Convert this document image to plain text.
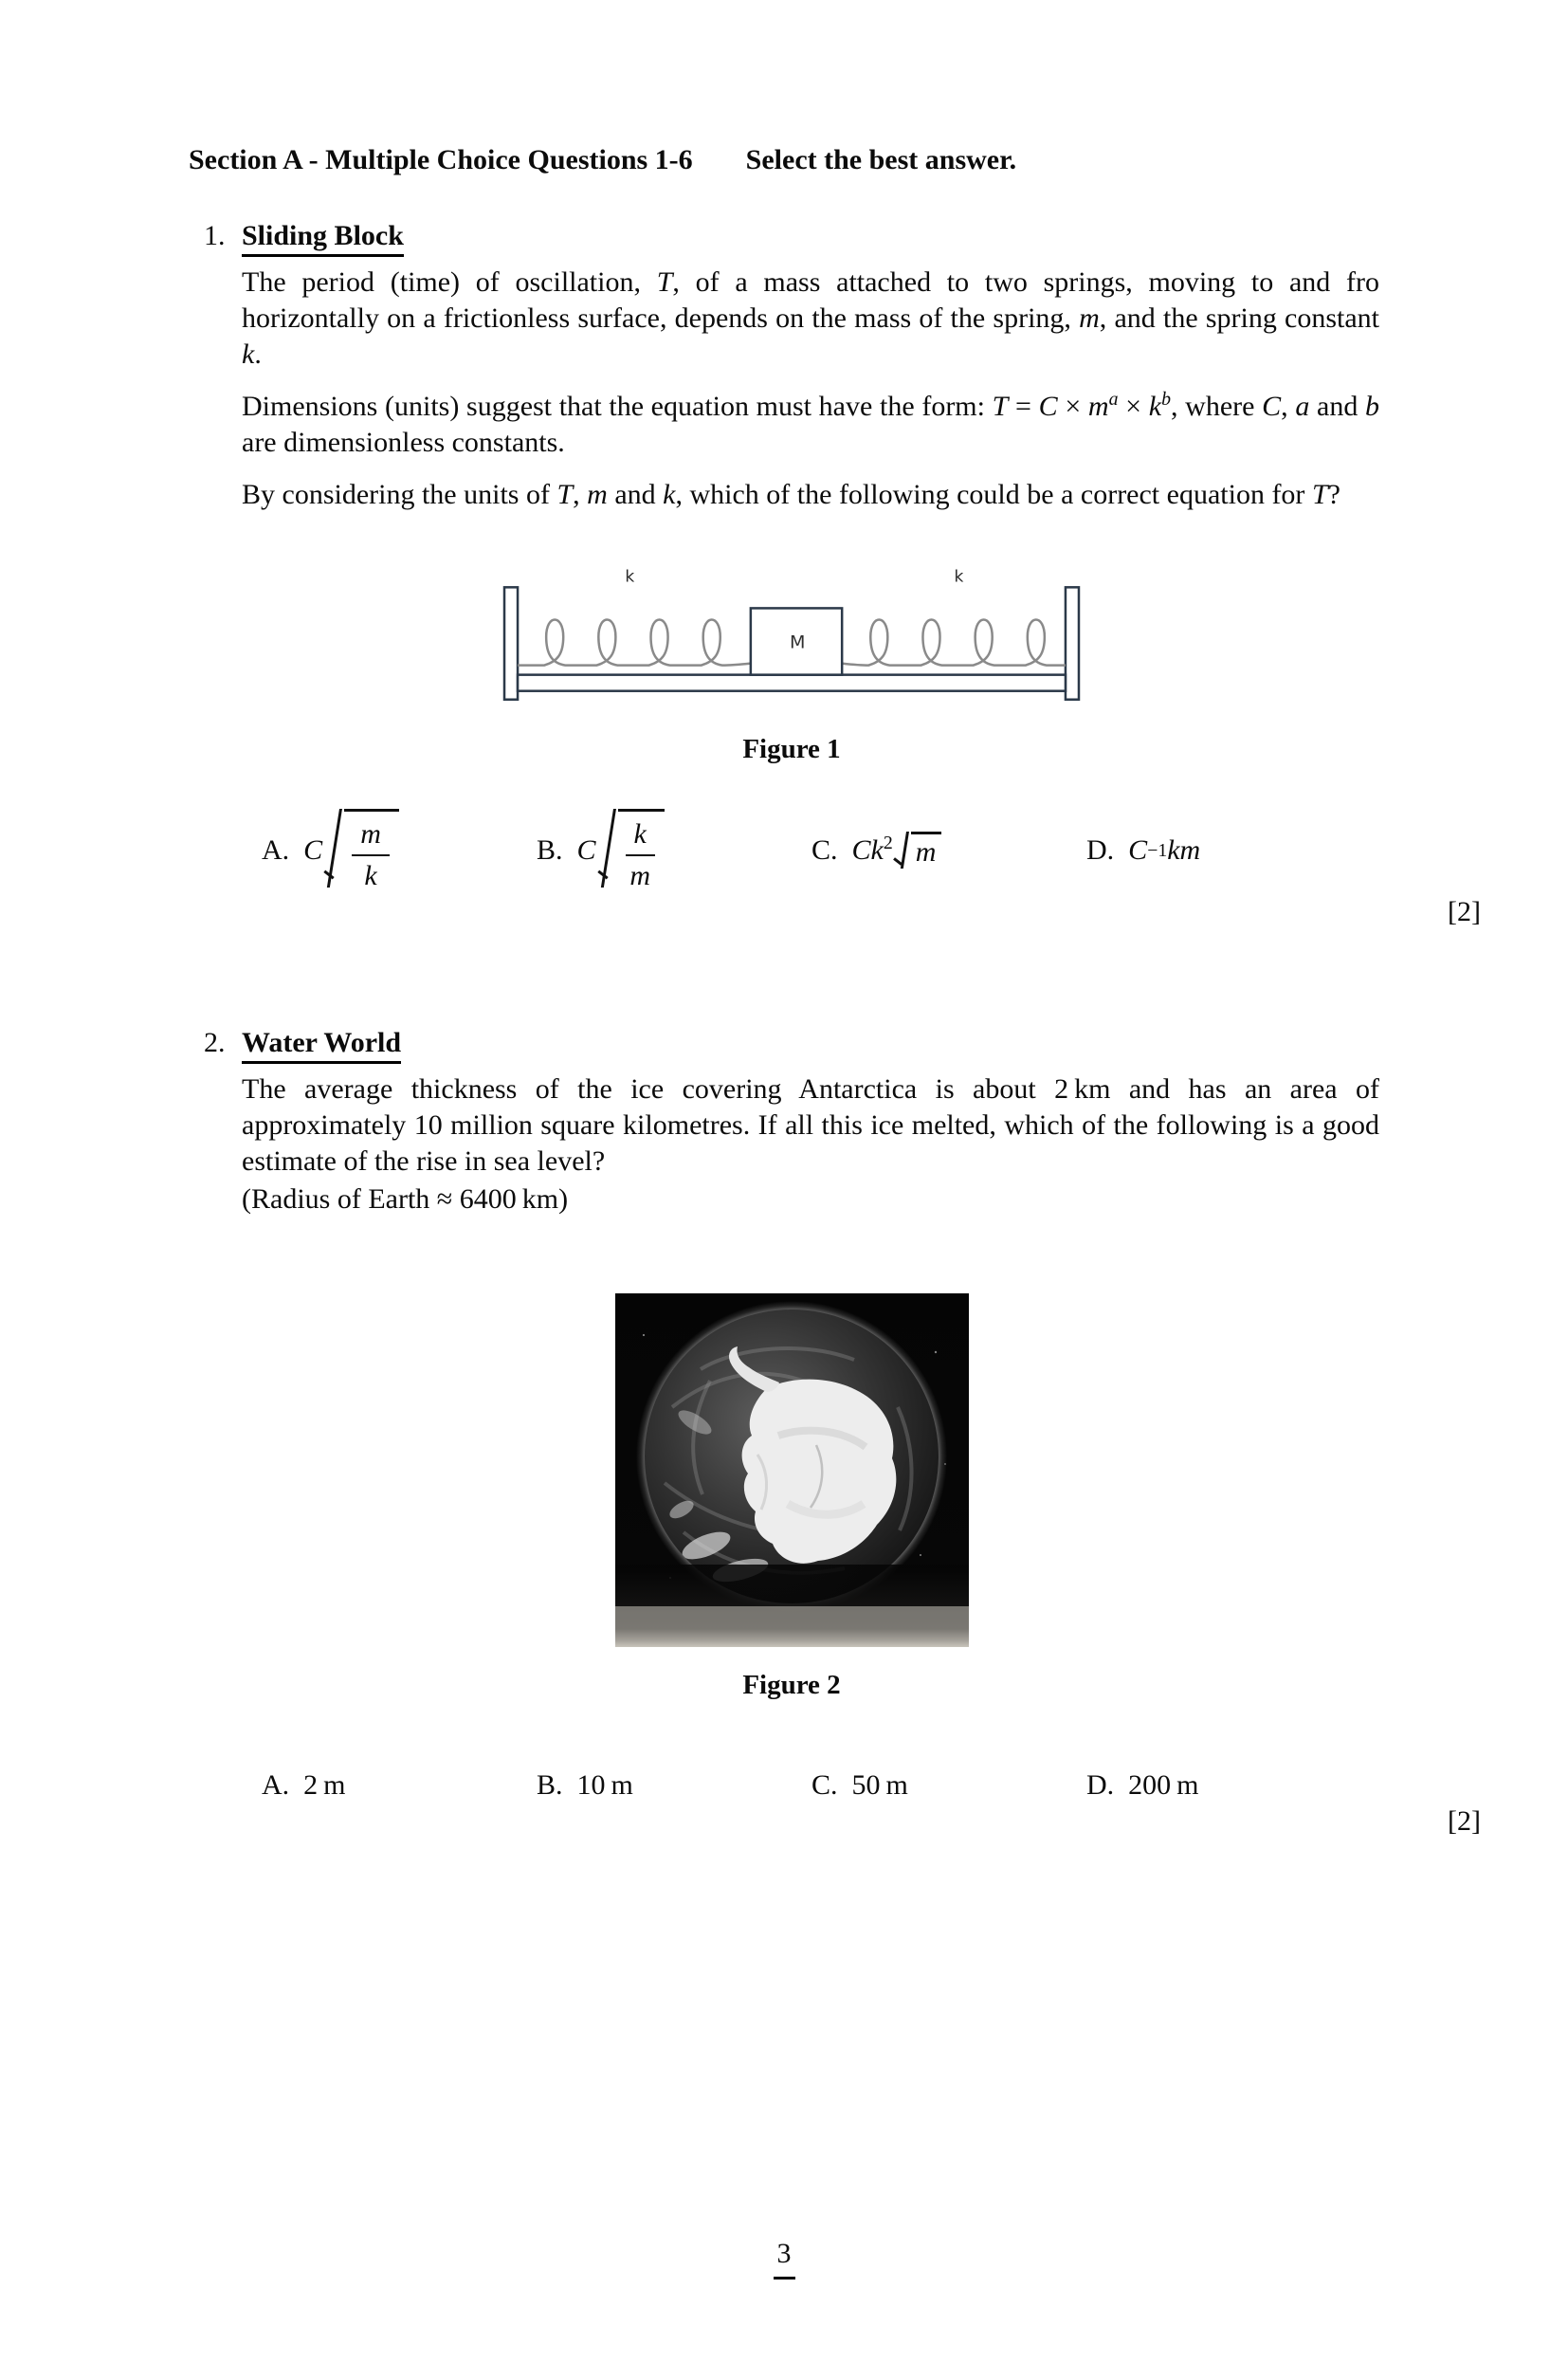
Section A - Multiple Choice Questions 1-6 Select the best answer.
1. Sliding Block
The period (time) of oscillation, T, of a mass attached to two springs, moving to and fro horizontally on a frictionless surface, depends on the mass of the spring, m, and the spring constant k.
Dimensions (units) suggest that the equation must have the form: $T = C \times m^a \times k^b$, where C, a and b are dimensionless constants.
By considering the units of T, m and k, which of the following could be a correct equation for T?
k	k
M
Figure 1
A. C $\frac{m}{k}$	B. C $\frac{k}{m}$	C. Ck$^2$ m	D. C −1 km
[2]
2. Water World
The average thickness of the ice covering Antarctica is about 2 km and has an area of approximately 10 million square kilometres. If all this ice melted, which of the following is a good estimate of the rise in sea level?
(Radius of Earth ≈ 6400 km)
Figure 2
A. 2 m	B. 10 m	C. 50 m	D. 200 m
[2]
3
